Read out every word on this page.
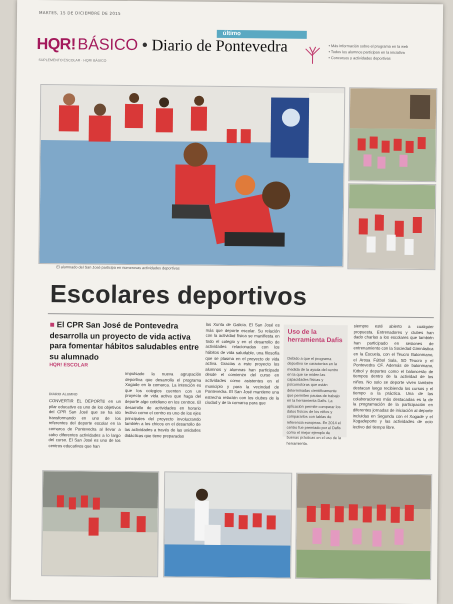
MARTES, 15 DE DICIEMBRE DE 2015
último
HQR! BÁSICO • Diario de Pontevedra
SUPLEMENTO ESCOLAR · HQR! BÁSICO
• Más información sobre el programa en la web
• Todos los alumnos participan en la iniciativa
• Concursos y actividades deportivas
El alumnado del San José participa en numerosas actividades deportivas
Escolares deportivos
■ El CPR San José de Pontevedra desarrolla un proyecto de vida activa para fomentar hábitos saludables entre su alumnado
HQR! ESCOLAR
DIARIO ALUMNO
CONVERTIR EL DEPORTE en un pilar educativo es uno de los objetivos del CPR San José que se ha ido transformando en uno de los referentes del deporte escolar en la comarca de Pontevedra al llevar a cabo diferentes actividades a lo largo del curso. El San José es uno de los centros educativos que han
impulsado la nueva agrupación deportiva que desarrolla el programa Xogade en la comarca. La intención es que los colegios cuenten con un proyecto de vida activa que haga del deporte algo cotidiano en los centros. El desarrollo de actividades en horario lectivo como el centro es uno de los ejes principales del proyecto involucrando también a los chicos en el desarrollo de las actividades a través de las unidades didácticas que tiene preparadas
las Xunta de Galicia. El San José es más que deporte escolar. Su relación con la actividad física se manifiesta en todo el colegio y en el desarrollo de actividades relacionadas con los hábitos de vida saludable, una filosofía que se plasma en el proyecto de vida activa. Gracias a este proyecto los alumnos y alumnas han participado desde el comienzo del curso en actividades como asistentes en el municipio y para la vecindad de Pontevedra. El San José mantiene una estrecha relación con los clubes de la ciudad y de la comarca para que
Uso de la herramienta Dafis
Debido a que el programa deportivo se caracteriza en la medida de la ayuda del centro en la que se miden las capacidades físicas y psicomotoras que están determinadas científicamente que permiten pautas de trabajo en la herramienta Dafis. La aplicación permite comparar los datos físicos de los niños y compararlos con tablas de referencia europeas. En 2014 el centro fue premiado por el Dafis como el mejor ejemplo de buenas prácticas en el uso de la herramienta.
siempre esté abierto a cualquier propuesta. Entrenadores y clubes han dado charlas a los escolares que también han participado en sesiones de entrenamiento con la Sociedad Gimnástica en la Escuela, con el Teucro Balonmano, el Arosa Fútbol Sala, SD Teucro y el Pontevedra CF. Además de balonmano, fútbol y deportes como el baloncesto de tiempos dentro de la actividad de los niños. No solo se deporte viven también destacan luego recibiendo los cursos y el tiempo a la práctica. Una de las colaboraciones más destacadas es la de la programación de la participación en diferentes jornadas de iniciación al deporte incluidas en Segunda con el Xogade y el Xogadeporte y las actividades de ocio lectivo del tiempo libre.
